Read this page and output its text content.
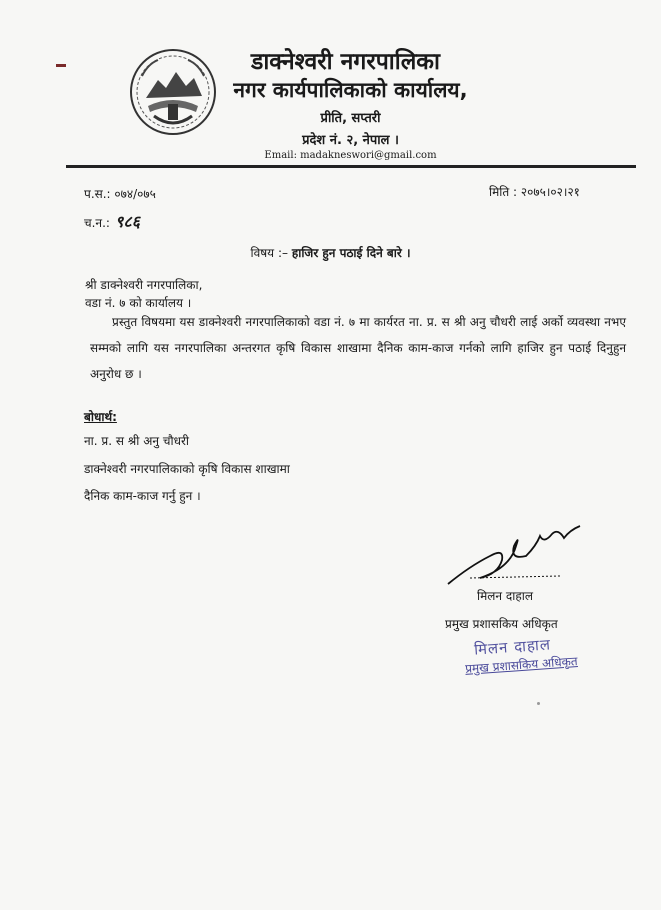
डाक्नेश्वरी नगरपालिका
नगर कार्यपालिकाको कार्यालय,
प्रीति, सप्तरी
प्रदेश नं. २, नेपाल ।
Email: madakneswori@gmail.com
प.स.: ०७४/०७५	मिति : २०७५।०२।२१
च.न.: ९८६
विषय :– हाजिर हुन पठाई दिने बारे ।
श्री डाक्नेश्वरी नगरपालिका,
वडा नं. ७ को कार्यालय ।
प्रस्तुत विषयमा यस डाक्नेश्वरी नगरपालिकाको वडा नं. ७ मा कार्यरत ना. प्र. स श्री अनु चौधरी लाई अर्को व्यवस्था नभए सम्मको लागि यस नगरपालिका अन्तरगत कृषि विकास शाखामा दैनिक काम-काज गर्नको लागि हाजिर हुन पठाई दिनुहुन अनुरोध छ ।
बोधार्थ:
ना. प्र. स श्री अनु चौधरी
डाक्नेश्वरी नगरपालिकाको कृषि विकास शाखामा
दैनिक काम-काज गर्नु हुन ।
मिलन दाहाल
प्रमुख प्रशासकिय अधिकृत
मिलन दाहाल
प्रमुख प्रशासकिय अधिकृत
